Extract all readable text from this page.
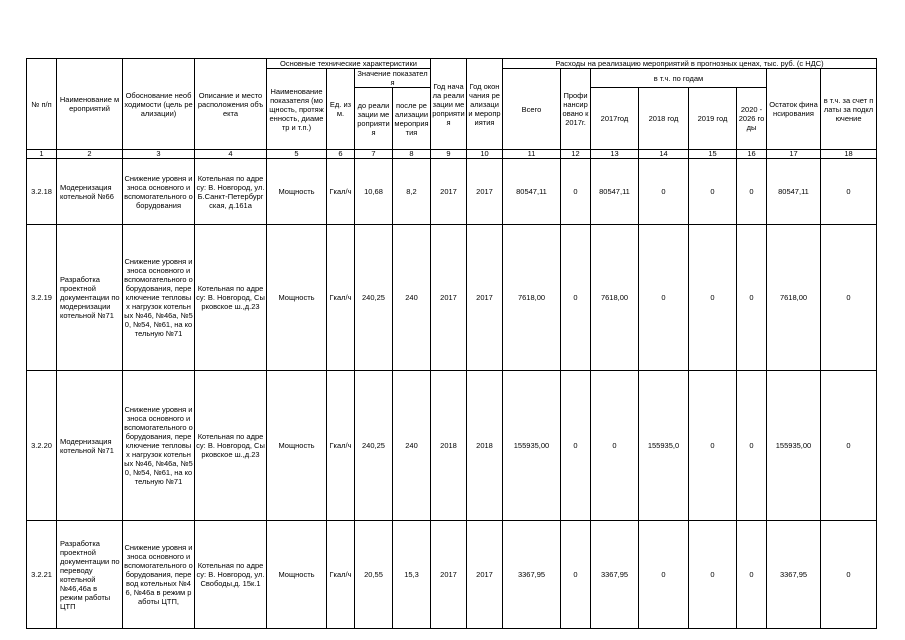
№ п/п	Наименование мероприятий	Обоснование необходимости (цель реализации)	Описание и место расположения объекта	Основные технические характеристики				Год начала реализации мероприятия	Год окончания реализации мероприятия	Расходы на реализацию мероприятий в прогнозных ценах, тыс. руб. (с НДС)							
				Наименование показателя (мощность, протяженность, диаметр и т.п.)	Ед. изм.	Значение показателя				Всего	Профинансировано к 2017г.	в т.ч. по годам				Остаток финансирования	в т.ч. за счет платы за подключение
						до реализации мероприятия	после реализации мероприятия					2017год	2018 год	2019 год	2020 - 2026 годы		
1	2	3	4	5	6	7	8	9	10	11	12	13	14	15	16	17	18
3.2.18	Модернизация котельной №66	Снижение уровня износа основного и вспомогательного оборудования	Котельная по адресу: В. Новгород, ул.Б.Санкт-Петербургская, д.161а	Мощность	Гкал/ч	10,68	8,2	2017	2017	80547,11	0	80547,11	0	0	0	80547,11	0
3.2.19	Разработка проектной документации по модернизации котельной №71	Снижение уровня износа основного и вспомогательного оборудования, переключение тепловых нагрузок котельных №46, №46а, №50, №54, №61, на котельную №71	Котельная по адресу: В. Новгород, Сырковское ш.,д.23	Мощность	Гкал/ч	240,25	240	2017	2017	7618,00	0	7618,00	0	0	0	7618,00	0
3.2.20	Модернизация котельной №71	Снижение уровня износа основного и вспомогательного оборудования, переключение тепловых нагрузок котельных №46, №46а, №50, №54, №61, на котельную №71	Котельная по адресу: В. Новгород, Сырковское ш.,д.23	Мощность	Гкал/ч	240,25	240	2018	2018	155935,00	0	0	155935,0	0	0	155935,00	0
3.2.21	Разработка проектной документации по переводу котельной №46,46а в режим работы ЦТП	Снижение уровня износа основного и вспомогательного оборудования, перевод котельных №46, №46а в режим работы ЦТП,	Котельная по адресу: В. Новгород, ул.Свободы,д. 15к.1	Мощность	Гкал/ч	20,55	15,3	2017	2017	3367,95	0	3367,95	0	0	0	3367,95	0
